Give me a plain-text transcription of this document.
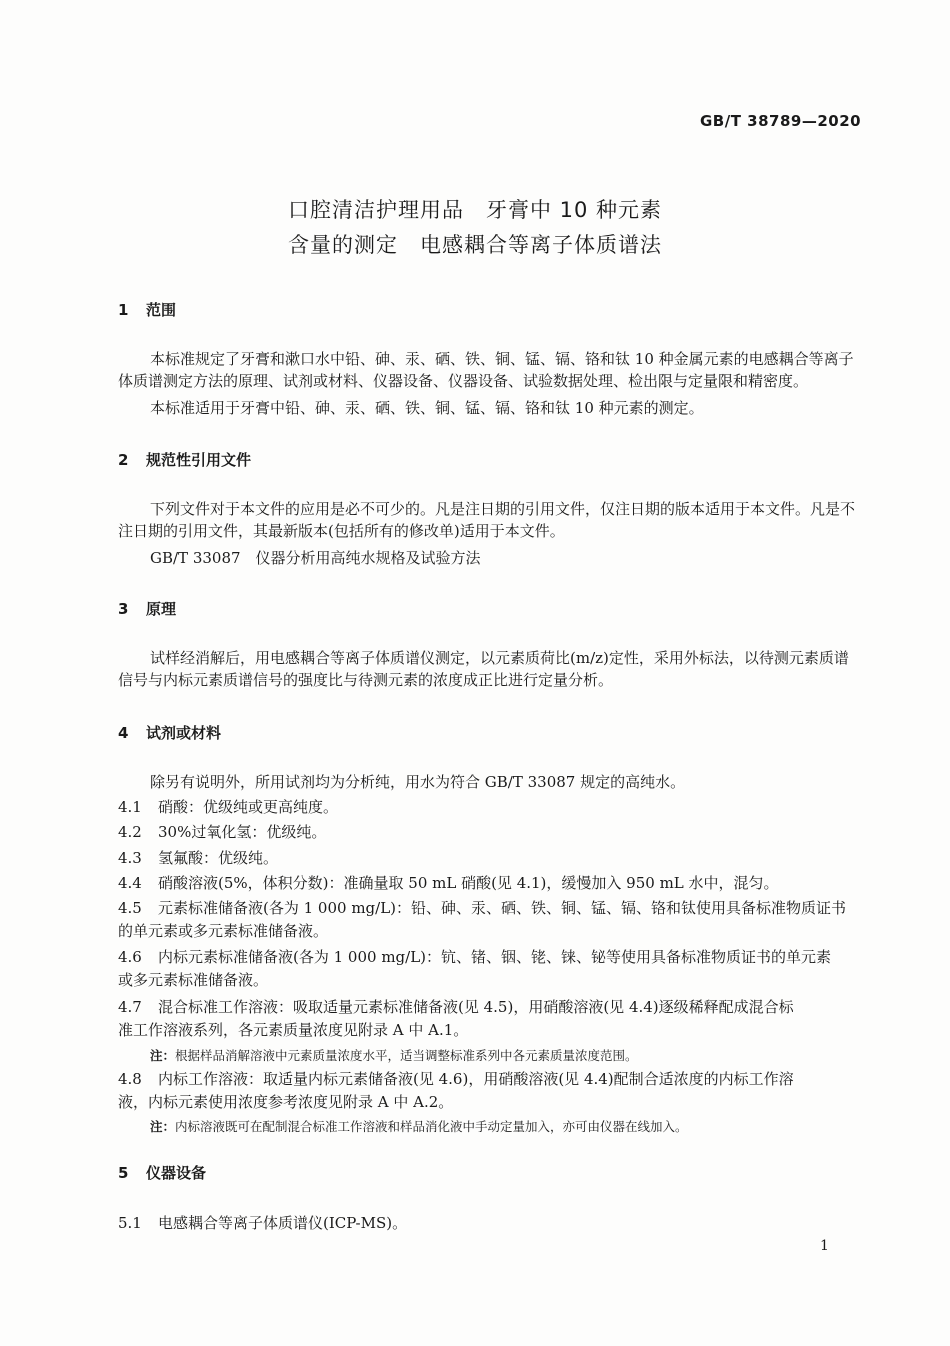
GB/T 38789—2020
口腔清洁护理用品　牙膏中 10 种元素
含量的测定　电感耦合等离子体质谱法
1 范围
本标准规定了牙膏和漱口水中铅、砷、汞、硒、铁、铜、锰、镉、铬和钛 10 种金属元素的电感耦合等离子体质谱测定方法的原理、试剂或材料、仪器设备、仪器设备、试验数据处理、检出限与定量限和精密度。
本标准适用于牙膏中铅、砷、汞、硒、铁、铜、锰、镉、铬和钛 10 种元素的测定。
2 规范性引用文件
下列文件对于本文件的应用是必不可少的。凡是注日期的引用文件，仅注日期的版本适用于本文件。凡是不注日期的引用文件，其最新版本(包括所有的修改单)适用于本文件。
GB/T 33087　仪器分析用高纯水规格及试验方法
3 原理
试样经消解后，用电感耦合等离子体质谱仪测定，以元素质荷比(m/z)定性，采用外标法，以待测元素质谱信号与内标元素质谱信号的强度比与待测元素的浓度成正比进行定量分析。
4 试剂或材料
除另有说明外，所用试剂均为分析纯，用水为符合 GB/T 33087 规定的高纯水。
4.1 硝酸：优级纯或更高纯度。
4.2 30%过氧化氢：优级纯。
4.3 氢氟酸：优级纯。
4.4 硝酸溶液(5%，体积分数)：准确量取 50 mL 硝酸(见 4.1)，缓慢加入 950 mL 水中，混匀。
4.5 元素标准储备液(各为 1 000 mg/L)：铅、砷、汞、硒、铁、铜、锰、镉、铬和钛使用具备标准物质证书
的单元素或多元素标准储备液。
4.6 内标元素标准储备液(各为 1 000 mg/L)：钪、锗、铟、铑、铼、铋等使用具备标准物质证书的单元素
或多元素标准储备液。
4.7 混合标准工作溶液：吸取适量元素标准储备液(见 4.5)，用硝酸溶液(见 4.4)逐级稀释配成混合标
准工作溶液系列，各元素质量浓度见附录 A 中 A.1。
注：根据样品消解溶液中元素质量浓度水平，适当调整标准系列中各元素质量浓度范围。
4.8 内标工作溶液：取适量内标元素储备液(见 4.6)，用硝酸溶液(见 4.4)配制合适浓度的内标工作溶
液，内标元素使用浓度参考浓度见附录 A 中 A.2。
注：内标溶液既可在配制混合标准工作溶液和样品消化液中手动定量加入，亦可由仪器在线加入。
5 仪器设备
5.1 电感耦合等离子体质谱仪(ICP-MS)。
1
